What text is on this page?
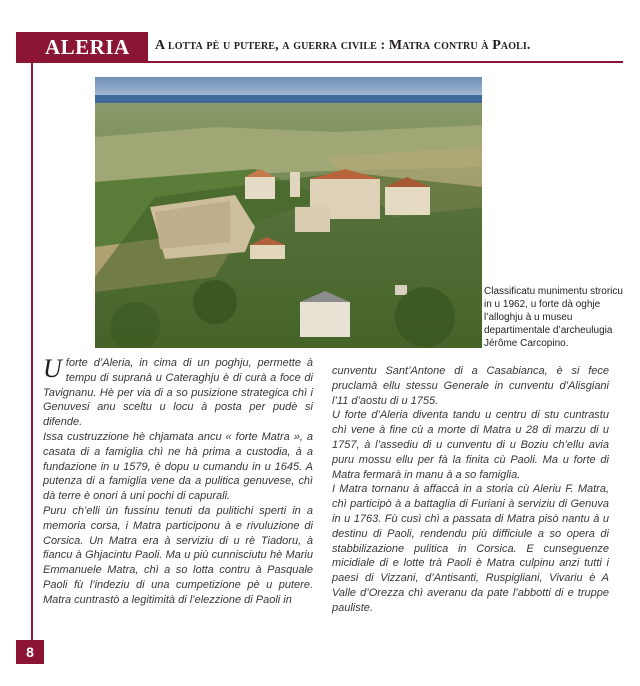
ALERIA	A lotta pè u putere, a guerra civile : Matra contru à Paoli.
Classificatu munimentu stroricu in u 1962, u forte dà oghje l’alloghju à u museu departimentale d’archeulugia Jérôme Carcopino.

U forte d’Aleria, in cima di un poghju, permette à tempu di supranà u Cateraghju è di curà a foce di Tavignanu. Hè per via di a so pusizione strategica chì i Genuvesi anu sceltu u locu à posta per pudè si difende.

Issa custruzzione hè chjamata ancu « forte Matra », a casata di a famiglia chì ne hà prima a custodia, à a fundazione in u 1579, è dopu u cumandu in u 1645. A putenza di a famiglia vene da a pulitica genuvese, chì dà terre è onori à uni pochi di capurali.

Puru ch’elli ùn fussinu tenuti da pulitichi sperti in a memoria corsa, i Matra participonu à e rivuluzione di Corsica. Un Matra era à serviziu di u rè Tiadoru, à fiancu à Ghjacintu Paoli. Ma u più cunnisciutu hè Mariu Emmanuele Matra, chì a so lotta contru à Pasquale Paoli fù l’indeziu di una cumpetizione pè u putere. Matra cuntrastò a legitimità di l’elezzione di Paoli in

cunventu Sant’Antone di a Casabianca, è si fece pruclamà ellu stessu Generale in cunventu d’Alisgiani l’11 d’aostu di u 1755.

U forte d’Aleria diventa tandu u centru di stu cuntrastu chì vene à fine cù a morte di Matra u 28 di marzu di u 1757, à l’assediu di u cunventu di u Boziu ch’ellu avia puru mossu ellu per fà la finita cù Paoli. Ma u forte di Matra fermarà in manu à a so famiglia.

I Matra tornanu à affaccà in a storia cù Aleriu F. Matra, chì participò à a battaglia di Furiani à serviziu di Genuva in u 1763. Fù cusì chì a passata di Matra pisò nantu à u destinu di Paoli, rendendu più difficiule a so opera di stabbilizazione pulitica in Corsica. E cunseguenze micidiale di e lotte trà Paoli è Matra culpinu anzi tutti i paesi di Vizzani, d’Antisanti, Ruspigliani, Vivariu è A Valle d’Orezza chì averanu da pate l’abbotti di e truppe pauliste.

8
